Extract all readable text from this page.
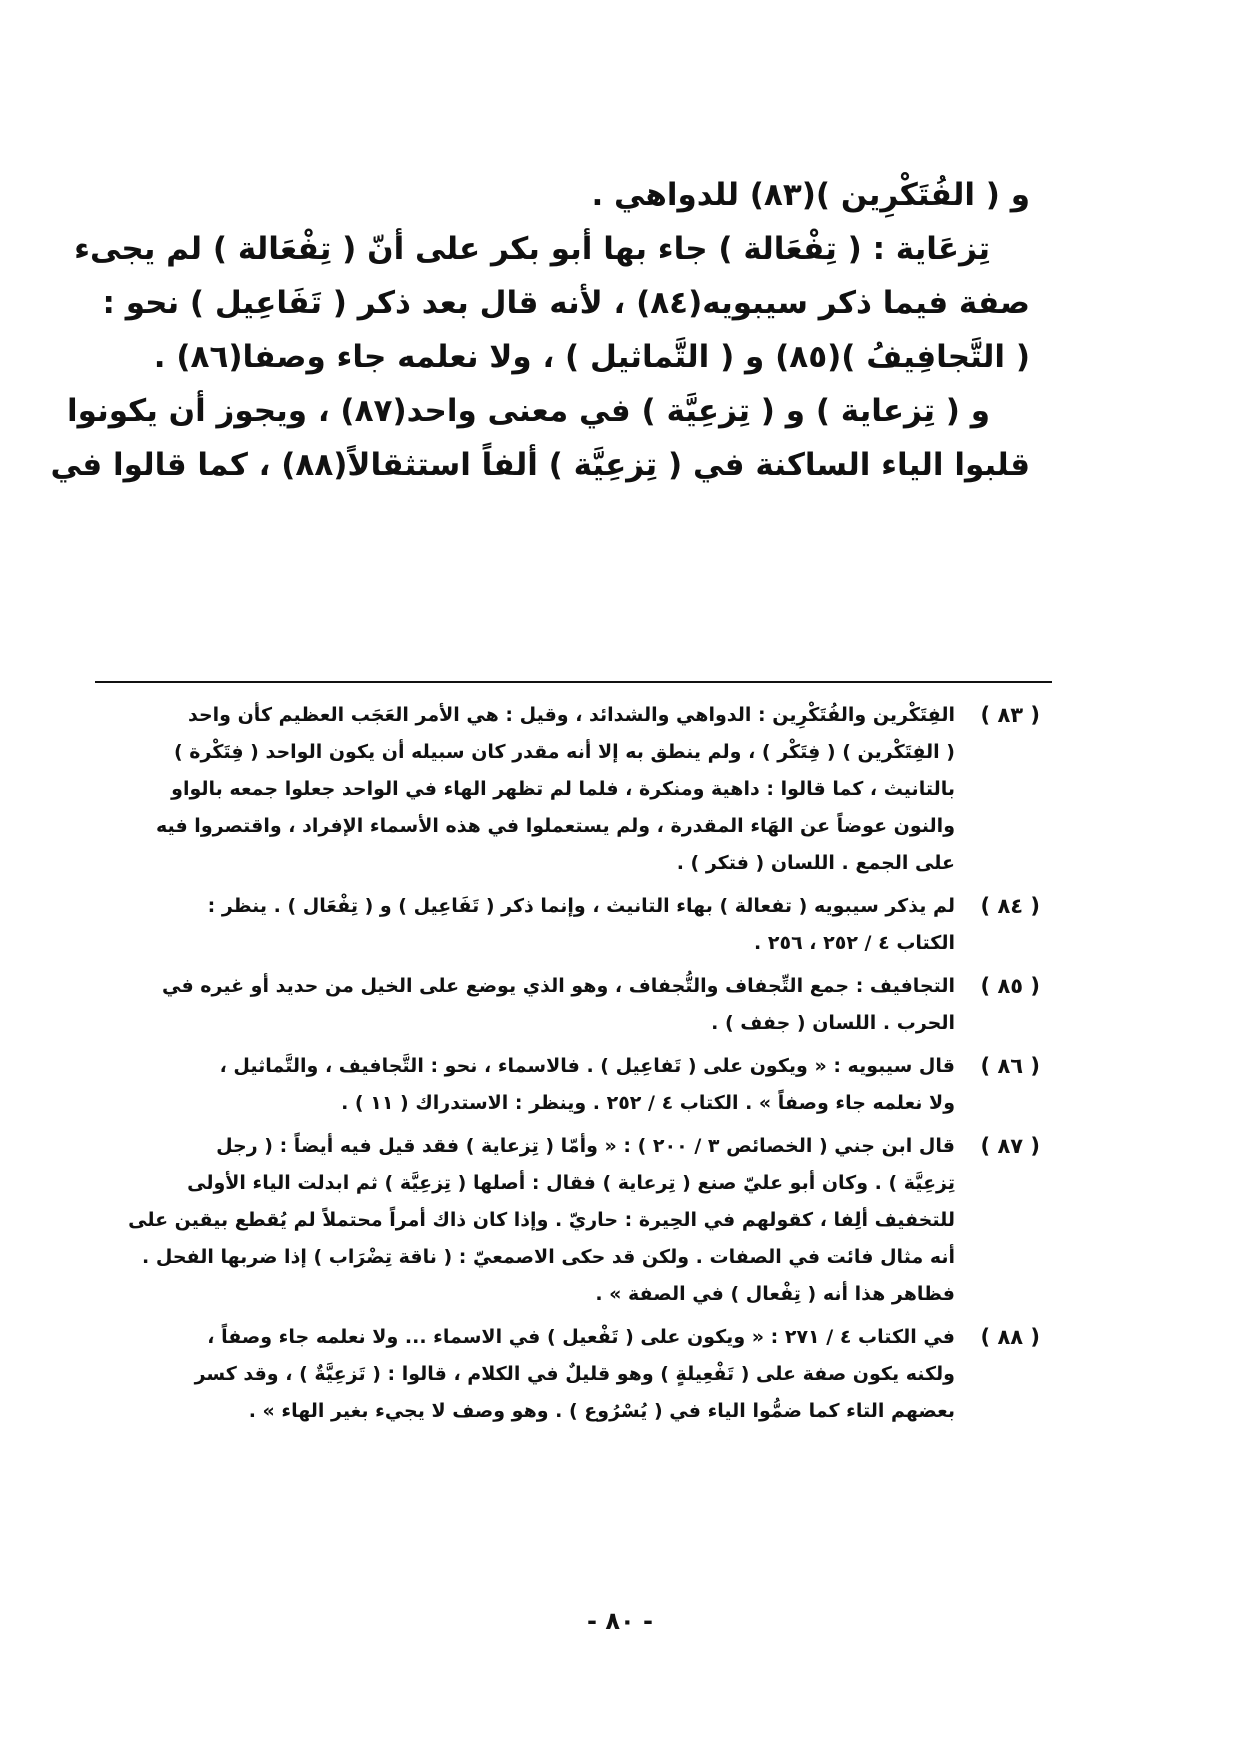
و ( الفُتَكْرِين )(٨٣) للدواهي .
تِزعَاية : ( تِفْعَالة ) جاء بها أبو بكر على أنّ ( تِفْعَالة ) لم يجىء
صفة فيما ذكر سيبويه(٨٤) ، لأنه قال بعد ذكر ( تَفَاعِيل ) نحو :
( التَّجافِيفُ )(٨٥) و ( التَّماثيل ) ، ولا نعلمه جاء وصفا(٨٦) .
و ( تِزعاية ) و ( تِزعِيَّة ) في معنى واحد(٨٧) ، ويجوز أن يكونوا
قلبوا الياء الساكنة في ( تِزعِيَّة ) ألفاً استثقالاً(٨٨) ، كما قالوا في
( ٨٣ )
الفِتَكْرين والفُتَكْرِين : الدواهي والشدائد ، وقيل : هي الأمر العَجَب العظيم كأن واحد
( الفِتَكْرين ) ( فِتَكْر ) ، ولم ينطق به إلا أنه مقدر كان سبيله أن يكون الواحد ( فِتَكْرة )
بالتانيث ، كما قالوا : داهية ومنكرة ، فلما لم تظهر الهاء في الواحد جعلوا جمعه بالواو
والنون عوضاً عن الهَاء المقدرة ، ولم يستعملوا في هذه الأسماء الإفراد ، واقتصروا فيه
على الجمع . اللسان ( فتكر ) .
( ٨٤ )
لم يذكر سيبويه ( تفعالة ) بهاء التانيث ، وإنما ذكر ( تَفَاعِيل ) و ( تِفْعَال ) . ينظر :
الكتاب ٤ / ٢٥٢ ، ٢٥٦ .
( ٨٥ )
التجافيف : جمع التِّجفاف والتُّجفاف ، وهو الذي يوضع على الخيل من حديد أو غيره في
الحرب . اللسان ( جفف ) .
( ٨٦ )
قال سيبويه : « ويكون على ( تَفاعِيل ) . فالاسماء ، نحو : التَّجافيف ، والتَّماثيل ،
ولا نعلمه جاء وصفاً » . الكتاب ٤ / ٢٥٢ . وينظر : الاستدراك ( ١١ ) .
( ٨٧ )
قال ابن جني ( الخصائص ٣ / ٢٠٠ ) : « وأمّا ( تِزعاية ) فقد قيل فيه أيضاً : ( رجل
تِزعِيَّة ) . وكان أبو عليّ صنع ( تِرعاية ) فقال : أصلها ( تِزعِيَّة ) ثم ابدلت الياء الأولى
للتخفيف ألِفا ، كقولهم في الحِيرة : حاريّ . وإذا كان ذاك أمراً محتملاً لم يُقطع بيقين على
أنه مثال فائت في الصفات . ولكن قد حكى الاصمعيّ : ( ناقة تِضْرَاب ) إذا ضربها الفحل .
فظاهر هذا أنه ( تِفْعال ) في الصفة » .
( ٨٨ )
في الكتاب ٤ / ٢٧١ : « ويكون على ( تَفْعيل ) في الاسماء ... ولا نعلمه جاء وصفاً ،
ولكنه يكون صفة على ( تَفْعِيلةٍ ) وهو قليلٌ في الكلام ، قالوا : ( تَزعِيَّةٌ ) ، وقد كسر
بعضهم التاء كما ضمُّوا الياء في ( يُسْرُوع ) . وهو وصف لا يجيء بغير الهاء » .
- ٨٠ -
